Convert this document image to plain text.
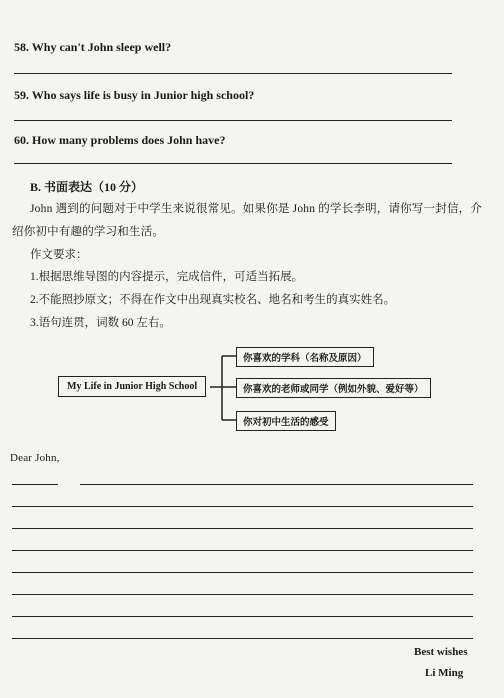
58. Why can't John sleep well?
59. Who says life is busy in Junior high school?
60. How many problems does John have?
B. 书面表达（10 分）
John 遇到的问题对于中学生来说很常见。如果你是 John 的学长李明，请你写一封信，介
绍你初中有趣的学习和生活。
作文要求：
1.根据思维导图的内容提示，完成信件，可适当拓展。
2.不能照抄原文；不得在作文中出现真实校名、地名和考生的真实姓名。
3.语句连贯，词数 60 左右。
My Life in Junior High School
你喜欢的学科（名称及原因）
你喜欢的老师或同学（例如外貌、爱好等）
你对初中生活的感受
Dear John,
Best wishes
Li Ming
